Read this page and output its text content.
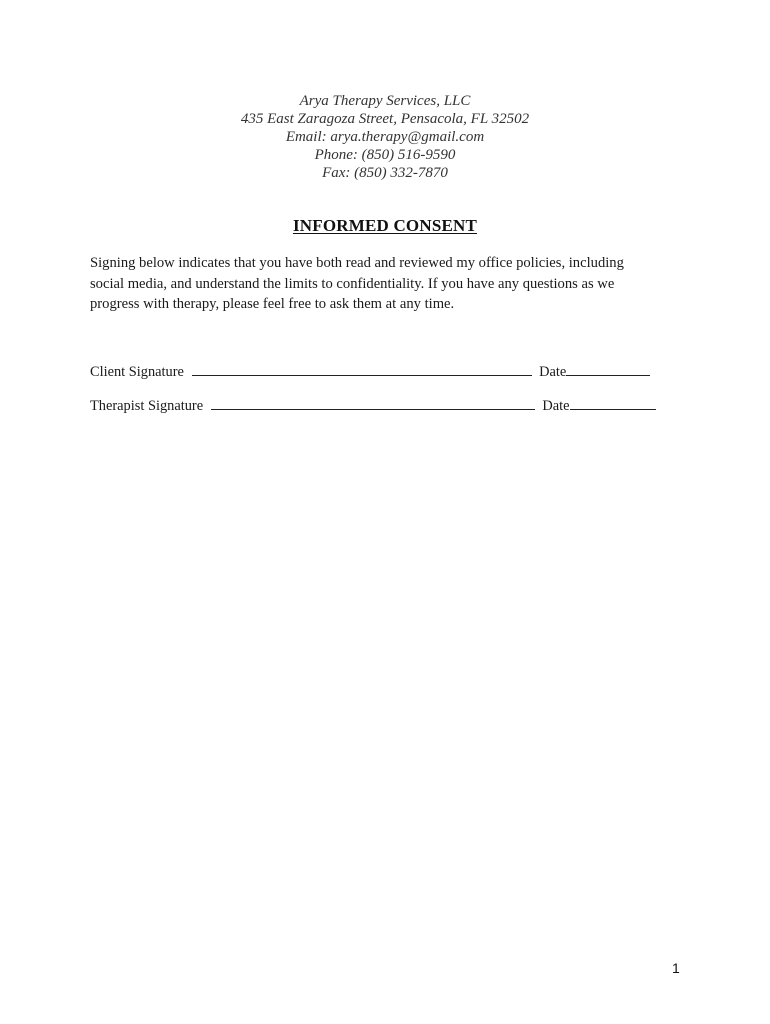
Arya Therapy Services, LLC
435 East Zaragoza Street, Pensacola, FL 32502
Email: arya.therapy@gmail.com
Phone: (850) 516-9590
Fax: (850) 332-7870
INFORMED CONSENT
Signing below indicates that you have both read and reviewed my office policies, including
social media, and understand the limits to confidentiality. If you have any questions as we
progress with therapy, please feel free to ask them at any time.
Client Signature	Date
Therapist Signature	Date
1
